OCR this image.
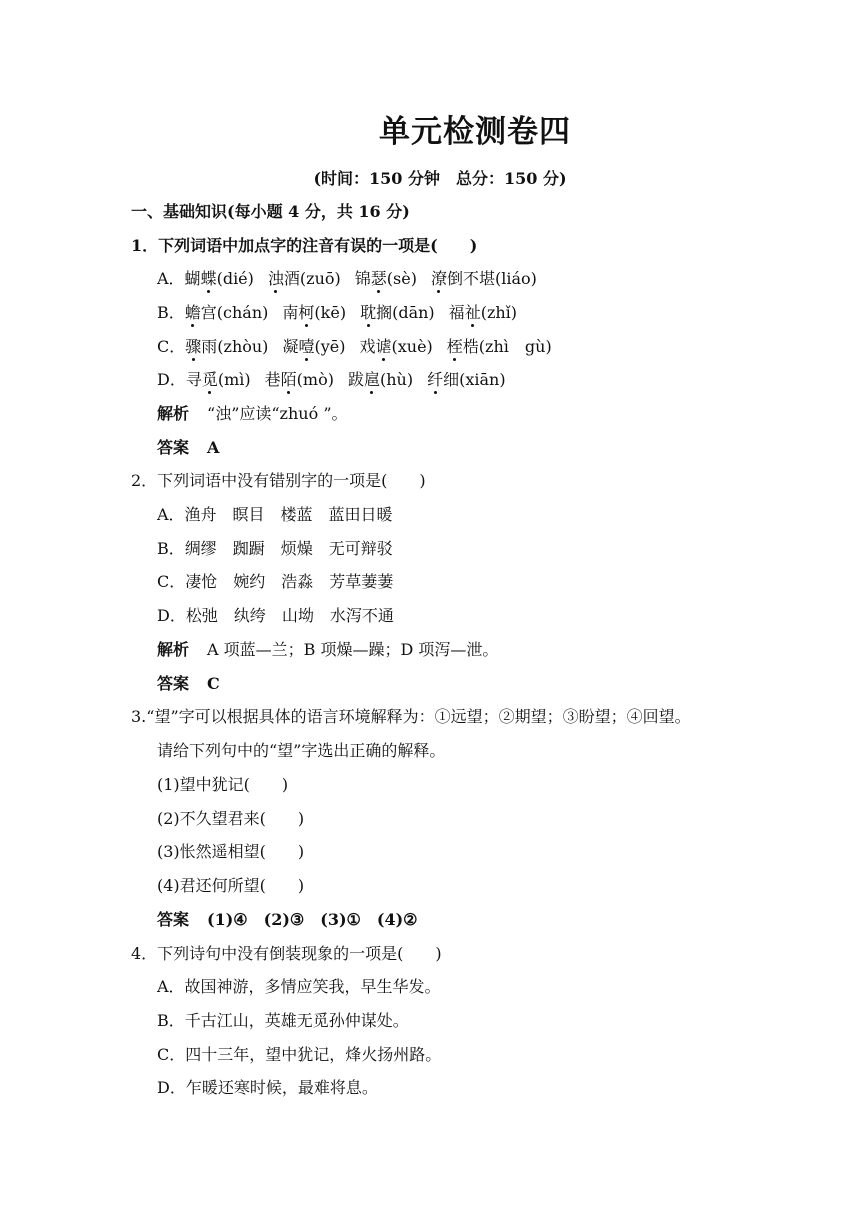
单元检测卷四
(时间：150 分钟　总分：150 分)
一、基础知识(每小题 4 分，共 16 分)
1．下列词语中加点字的注音有误的一项是(　　)
A．蝴蝶(dié) 浊酒(zuō) 锦瑟(sè) 潦倒不堪(liáo)
B．蟾宫(chán) 南柯(kē) 耽搁(dān) 福祉(zhǐ)
C．骤雨(zhòu) 凝噎(yē) 戏谑(xuè) 桎梏(zhì　gù)
D．寻觅(mì) 巷陌(mò) 跋扈(hù) 纤细(xiān)
解析 “浊”应读“zhuó ”。
答案 A
2．下列词语中没有错别字的一项是(　　)
A．渔舟　瞑目　楼蓝　蓝田日暖
B．绸缪　踟蹰　烦燥　无可辩驳
C．凄怆　婉约　浩淼　芳草萋萋
D．松弛　纨绔　山坳　水泻不通
解析 A 项蓝—兰；B 项燥—躁；D 项泻—泄。
答案 C
3.“望”字可以根据具体的语言环境解释为：①远望；②期望；③盼望；④回望。
请给下列句中的“望”字选出正确的解释。
(1)望中犹记(　　)
(2)不久望君来(　　)
(3)怅然遥相望(　　)
(4)君还何所望(　　)
答案 (1)④　(2)③　(3)①　(4)②
4．下列诗句中没有倒装现象的一项是(　　)
A．故国神游，多情应笑我，早生华发。
B．千古江山，英雄无觅孙仲谋处。
C．四十三年，望中犹记，烽火扬州路。
D．乍暖还寒时候，最难将息。
